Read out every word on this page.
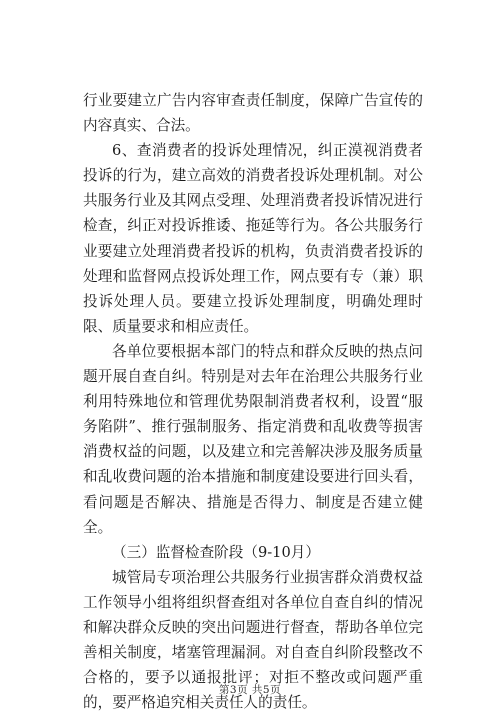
行业要建立广告内容审查责任制度，保障广告宣传的内容真实、合法。

6、查消费者的投诉处理情况，纠正漠视消费者投诉的行为，建立高效的消费者投诉处理机制。对公共服务行业及其网点受理、处理消费者投诉情况进行检查，纠正对投诉推诿、拖延等行为。各公共服务行业要建立处理消费者投诉的机构，负责消费者投诉的处理和监督网点投诉处理工作，网点要有专（兼）职投诉处理人员。要建立投诉处理制度，明确处理时限、质量要求和相应责任。

各单位要根据本部门的特点和群众反映的热点问题开展自查自纠。特别是对去年在治理公共服务行业利用特殊地位和管理优势限制消费者权利，设置“服务陷阱”、推行强制服务、指定消费和乱收费等损害消费权益的问题，以及建立和完善解决涉及服务质量和乱收费问题的治本措施和制度建设要进行回头看，看问题是否解决、措施是否得力、制度是否建立健全。

（三）监督检查阶段（9-10月）

城管局专项治理公共服务行业损害群众消费权益工作领导小组将组织督查组对各单位自查自纠的情况和解决群众反映的突出问题进行督查，帮助各单位完善相关制度，堵塞管理漏洞。对自查自纠阶段整改不合格的，要予以通报批评；对拒不整改或问题严重的，要严格追究相关责任人的责任。

第3页 共5页
